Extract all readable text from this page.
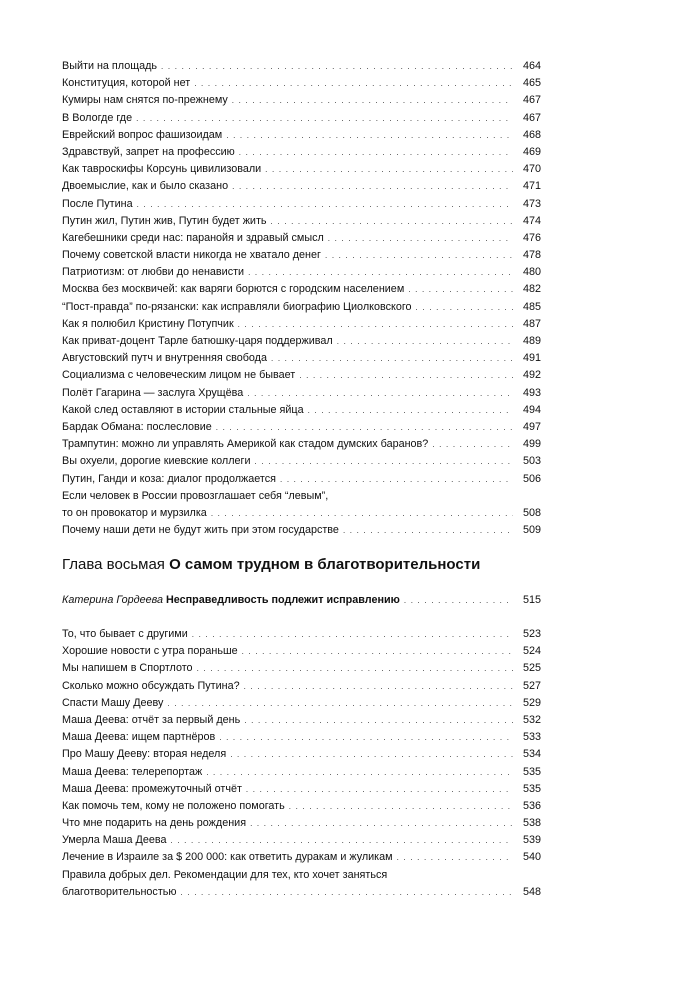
Выйти на площадь . . .	464
Конституция, которой нет . . .	465
Кумиры нам снятся по-прежнему . . .	467
В Вологде где . . .	467
Еврейский вопрос фашизоидам . . .	468
Здравствуй, запрет на профессию . . .	469
Как тавроскифы Корсунь цивилизовали . . .	470
Двоемыслие, как и было сказано . . .	471
После Путина . . .	473
Путин жил, Путин жив, Путин будет жить . . .	474
Кагебешники среди нас: паранойя и здравый смысл . . .	476
Почему советской власти никогда не хватало денег . . .	478
Патриотизм: от любви до ненависти . . .	480
Москва без москвичей: как варяги борются с городским населением . . .	482
“Пост-правда” по-рязански: как исправляли биографию Циолковского . . .	485
Как я полюбил Кристину Потупчик . . .	487
Как приват-доцент Тарле батюшку-царя поддерживал . . .	489
Августовский путч и внутренняя свобода . . .	491
Социализма с человеческим лицом не бывает . . .	492
Полёт Гагарина — заслуга Хрущёва . . .	493
Какой след оставляют в истории стальные яйца . . .	494
Бардак Обмана: послесловие . . .	497
Трампутин: можно ли управлять Америкой как стадом думских баранов? . . .	499
Вы охуели, дорогие киевские коллеги . . .	503
Путин, Ганди и коза: диалог продолжается . . .	506
Если человек в России провозглашает себя “левым”,
то он провокатор и мурзилка . . .	508
Почему наши дети не будут жить при этом государстве . . .	509
Глава восьмая О самом трудном в благотворительности
Катерина Гордеева Несправедливость подлежит исправлению . . .	515
То, что бывает с другими . . .	523
Хорошие новости с утра пораньше . . .	524
Мы напишем в Спортлото . . .	525
Сколько можно обсуждать Путина? . . .	527
Спасти Машу Дееву . . .	529
Маша Деева: отчёт за первый день . . .	532
Маша Деева: ищем партнёров . . .	533
Про Машу Дееву: вторая неделя . . .	534
Маша Деева: телерепортаж . . .	535
Маша Деева: промежуточный отчёт . . .	535
Как помочь тем, кому не положено помогать . . .	536
Что мне подарить на день рождения . . .	538
Умерла Маша Деева . . .	539
Лечение в Израиле за $ 200 000: как ответить дуракам и жуликам . . .	540
Правила добрых дел. Рекомендации для тех, кто хочет заняться
благотворительностью . . .	548
